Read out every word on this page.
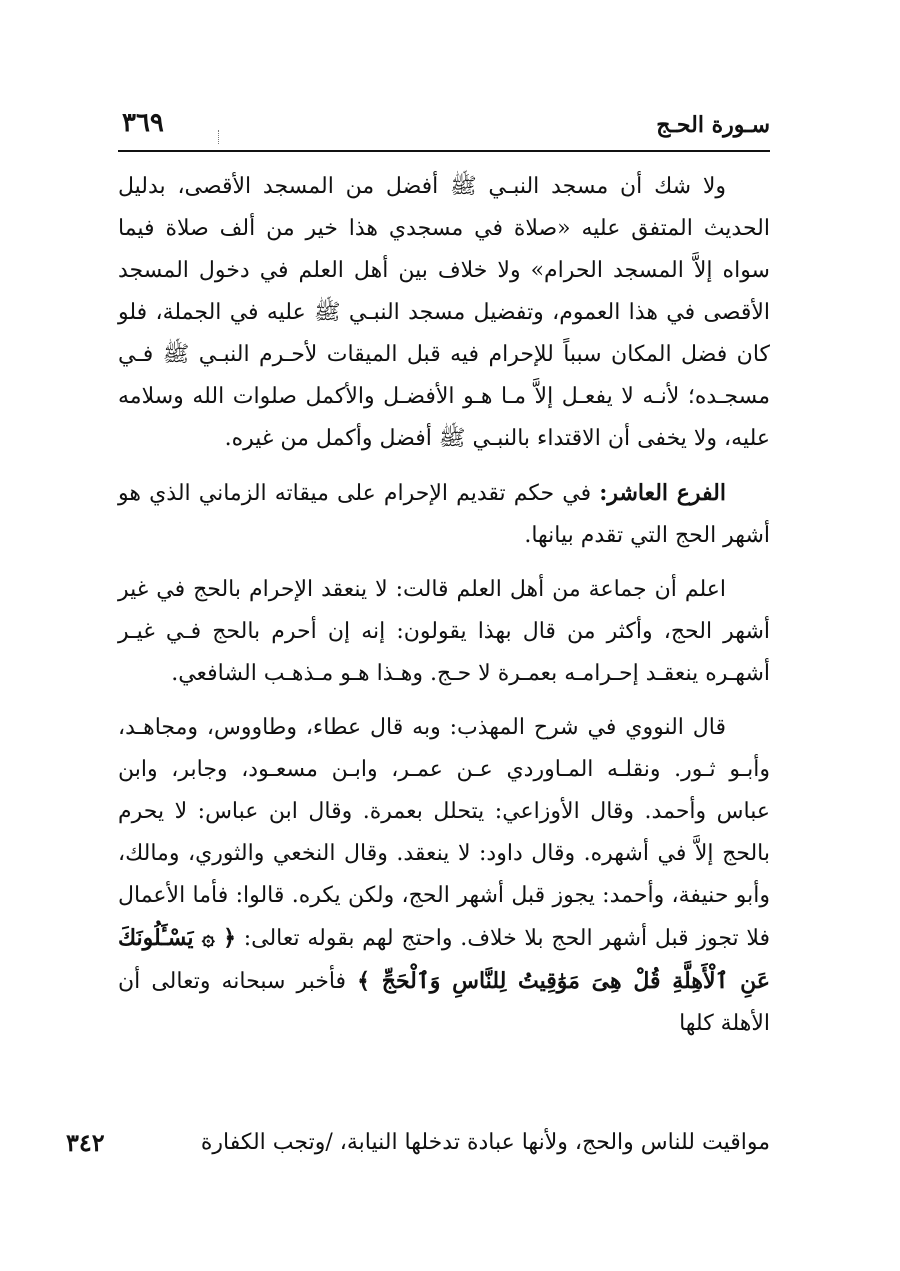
سـورة الحـج
٣٦٩

ولا شك أن مسجد النبـي ﷺ أفضل من المسجد الأقصى، بدليل الحديث المتفق عليه «صلاة في مسجدي هذا خير من ألف صلاة فيما سواه إلاَّ المسجد الحرام» ولا خلاف بين أهل العلم في دخول المسجد الأقصى في هذا العموم، وتفضيل مسجد النبـي ﷺ عليه في الجملة، فلو كان فضل المكان سبباً للإحرام فيه قبل الميقات لأحـرم النبـي ﷺ فـي مسجـده؛ لأنـه لا يفعـل إلاَّ مـا هـو الأفضـل والأكمل صلوات الله وسلامه عليه، ولا يخفى أن الاقتداء بالنبـي ﷺ أفضل وأكمل من غيره.

الفرع العاشر: في حكم تقديم الإحرام على ميقاته الزماني الذي هو أشهر الحج التي تقدم بيانها.

اعلم أن جماعة من أهل العلم قالت: لا ينعقد الإحرام بالحج في غير أشهر الحج، وأكثر من قال بهذا يقولون: إنه إن أحرم بالحج فـي غيـر أشهـره ينعقـد إحـرامـه بعمـرة لا حـج. وهـذا هـو مـذهـب الشافعي.

قال النووي في شرح المهذب: وبه قال عطاء، وطاووس، ومجاهـد، وأبـو ثـور. ونقلـه المـاوردي عـن عمـر، وابـن مسعـود، وجابر، وابن عباس وأحمد. وقال الأوزاعي: يتحلل بعمرة. وقال ابن عباس: لا يحرم بالحج إلاَّ في أشهره. وقال داود: لا ينعقد. وقال النخعي والثوري، ومالك، وأبو حنيفة، وأحمد: يجوز قبل أشهر الحج، ولكن يكره. قالوا: فأما الأعمال فلا تجوز قبل أشهر الحج بلا خلاف. واحتج لهم بقوله تعالى: ﴿ ۞ يَسْـَٔلُونَكَ عَنِ ٱلْأَهِلَّةِ قُلْ هِىَ مَوَٰقِيتُ لِلنَّاسِ وَٱلْحَجِّ ﴾ فأخبر سبحانه وتعالى أن الأهلة كلها

مواقيت للناس والحج، ولأنها عبادة تدخلها النيابة، /وتجب الكفارة
٣٤٢
